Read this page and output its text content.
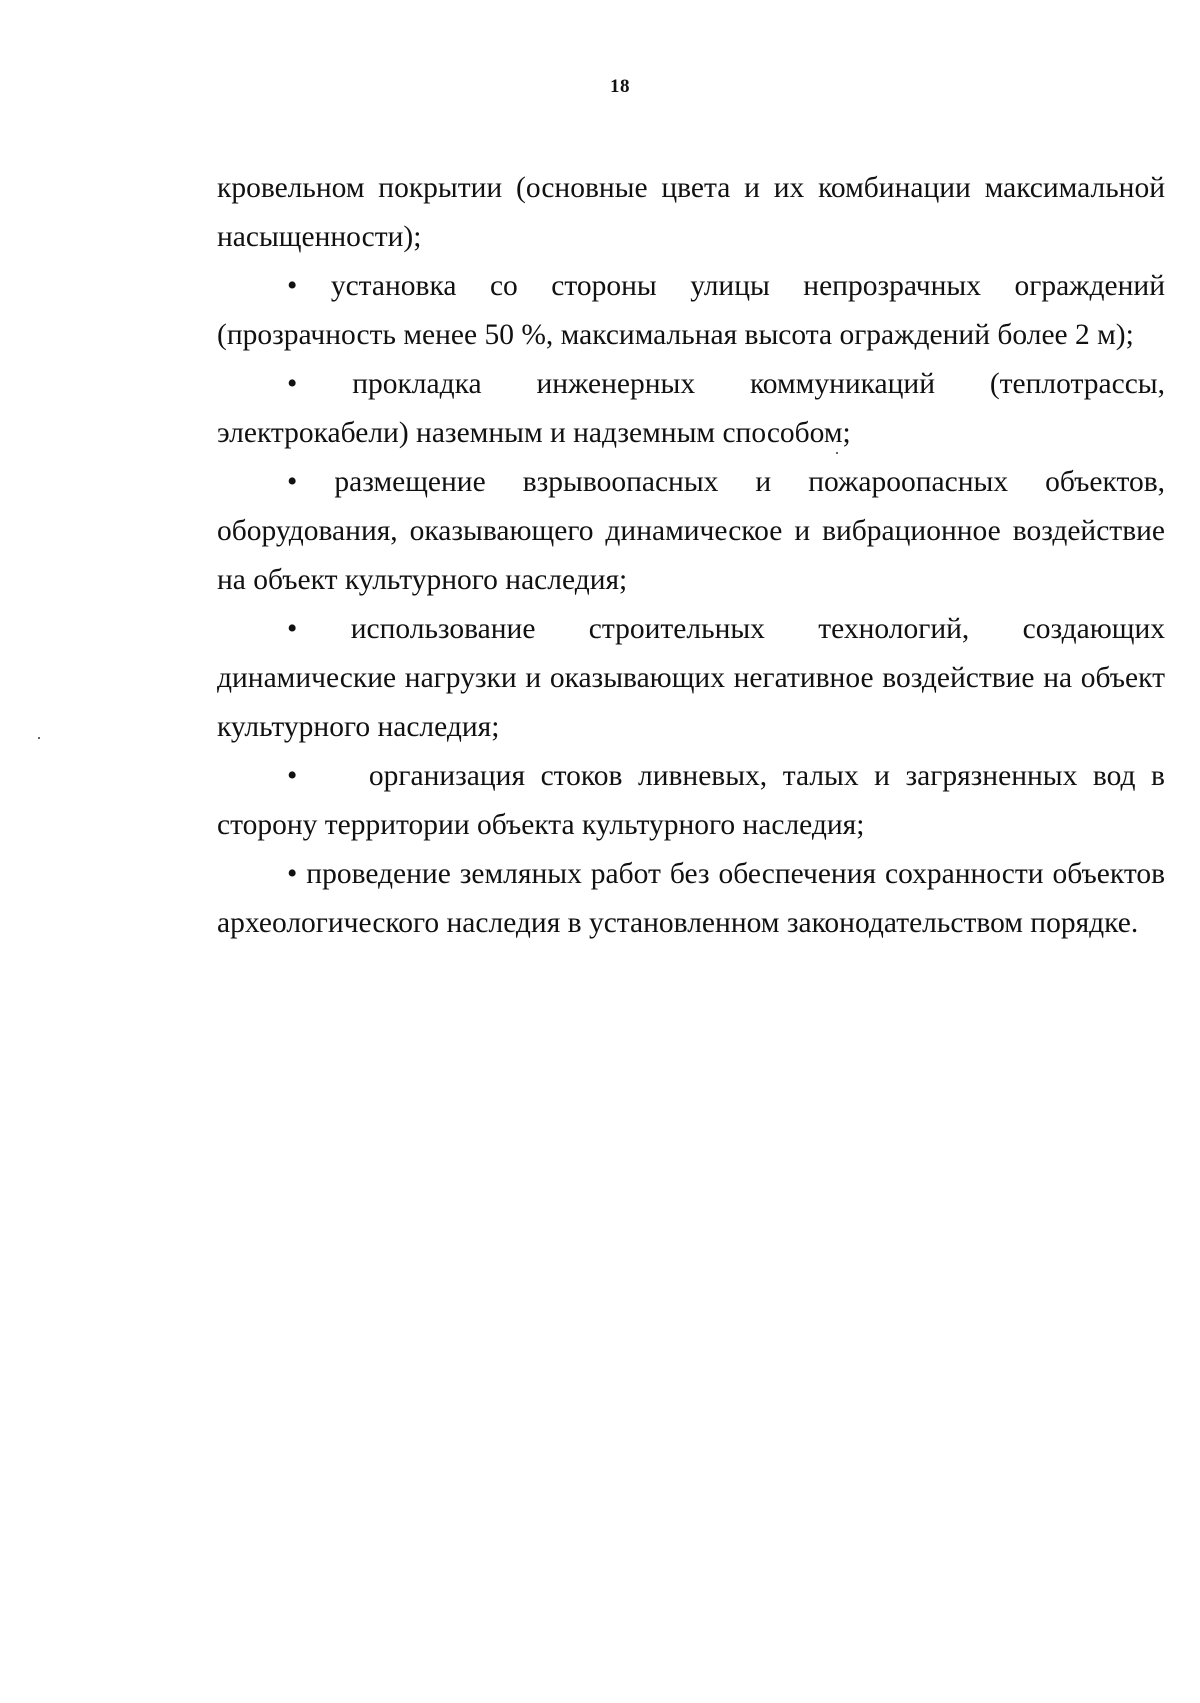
18

кровельном покрытии (основные цвета и их комбинации максимальной насыщенности);

• установка со стороны улицы непрозрачных ограждений (прозрачность менее 50 %, максимальная высота ограждений более 2 м);

• прокладка инженерных коммуникаций (теплотрассы, электрокабели) наземным и надземным способом;

• размещение взрывоопасных и пожароопасных объектов, оборудования, оказывающего динамическое и вибрационное воздействие на объект культурного наследия;

• использование строительных технологий, создающих динамические нагрузки и оказывающих негативное воздействие на объект культурного наследия;

• организация стоков ливневых, талых и загрязненных вод в сторону территории объекта культурного наследия;

• проведение земляных работ без обеспечения сохранности объектов археологического наследия в установленном законодательством порядке.
